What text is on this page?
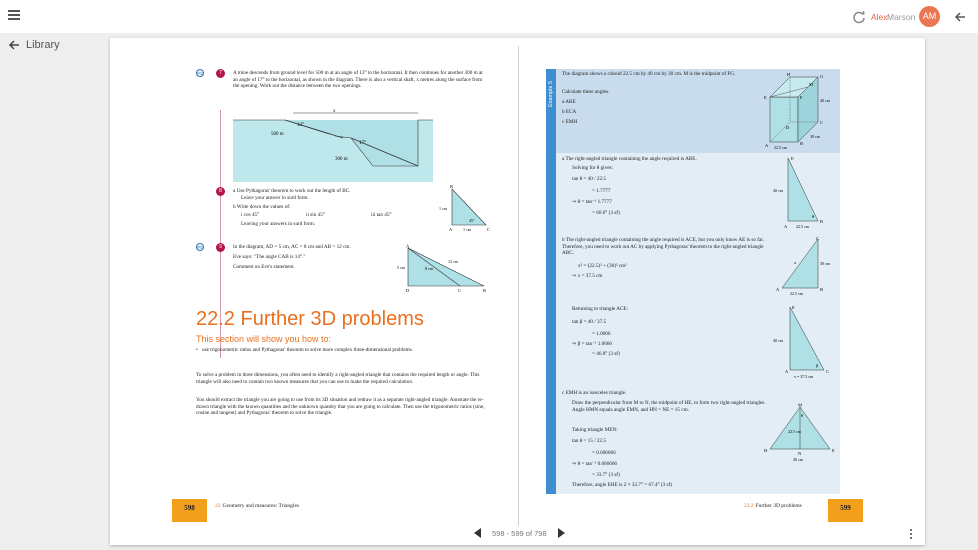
Alex Marson AM
Library
PS	7	A mine descends from ground level for 500 m at an angle of 13° to the horizontal. It then continues for another 300 m at an angle of 17° to the horizontal, as shown in the diagram. There is also a vertical shaft, x metres along the surface from the opening. Work out the distance between the two openings.
x
13°
500 m
17°
300 m
8	a Use Pythagoras' theorem to work out the length of BC.
Leave your answer in surd form.
b Write down the values of:
i cos 45°	ii sin 45°	iii tan 45°
Leaving your answers in surd form.
B
1 cm
45°
A	1 cm	C
PS	9	In the diagram, AD = 5 cm, AC = 8 cm and AB = 12 cm.
Eve says: "The angle CAB is 14°."
Comment on Eve's statement.
A
5 cm	8 cm
12 cm
D	C	B
22.2 Further 3D problems
This section will show you how to:
• use trigonometric ratios and Pythagoras' theorem to solve more complex three-dimensional problems.
To solve a problem in three dimensions, you often need to identify a right-angled triangle that contains the required length or angle. This triangle will also need to contain two known measures that you can use to make the required calculation.
You should extract the triangle you are going to use from its 3D situation and redraw it as a separate right-angled triangle. Annotate the re-drawn triangle with the known quantities and the unknown quantity that you are going to calculate. Then use the trigonometric ratios (sine, cosine and tangent) and Pythagoras' theorem to solve the triangle.
598	22 Geometry and measures: Triangles
Example 5
The diagram shows a cuboid 22.5 cm by 40 cm by 30 cm. M is the midpoint of FG.
Calculate these angles.
a ABE
b ECA
c EMH
H	G
M
E	F
40 cm
D
C
A	B
22.5 cm
30 cm
a The right-angled triangle containing the angle required is ABE.
Solving for θ gives:
tan θ = 40 / 22.5
= 1.7777
⇒ θ = tan⁻¹ 1.7777
= 60.6° (3 sf)
E
40 cm
A 22.5 cm
B
θ
b The right-angled triangle containing the angle required is ACE, but you only know AE is so far. Therefore, you need to work out AC by applying Pythagoras' theorem to the right-angled triangle ABC.
x² = (22.5)² + (30)² cm²
⇒ x = 37.5 cm
Returning to triangle ACE:
tan β = 40 / 37.5
= 1.0666
⇒ β = tan⁻¹ 1.0666
= 46.8° (3 sf)
C
30 cm
x
A
22.5 cm
B
E
40 cm
A
x = 37.5 cm
C
β
c EMH is an isosceles triangle.
Draw the perpendicular from M to N, the midpoint of HE, to form two right-angled triangles. Angle HMN equals angle EMN, and HN = NE = 15 cm.
Taking triangle MEN:
tan θ = 15 / 22.5
= 0.666666
⇒ θ = tan⁻¹ 0.666666
= 33.7° (3 sf)
Therefore, angle EHE is 2 × 33.7° = 67.4° (3 sf)
M
θ
22.5 cm
H
N
30 cm
E
22.2 Further 3D problems	599
598 - 599 of 798
